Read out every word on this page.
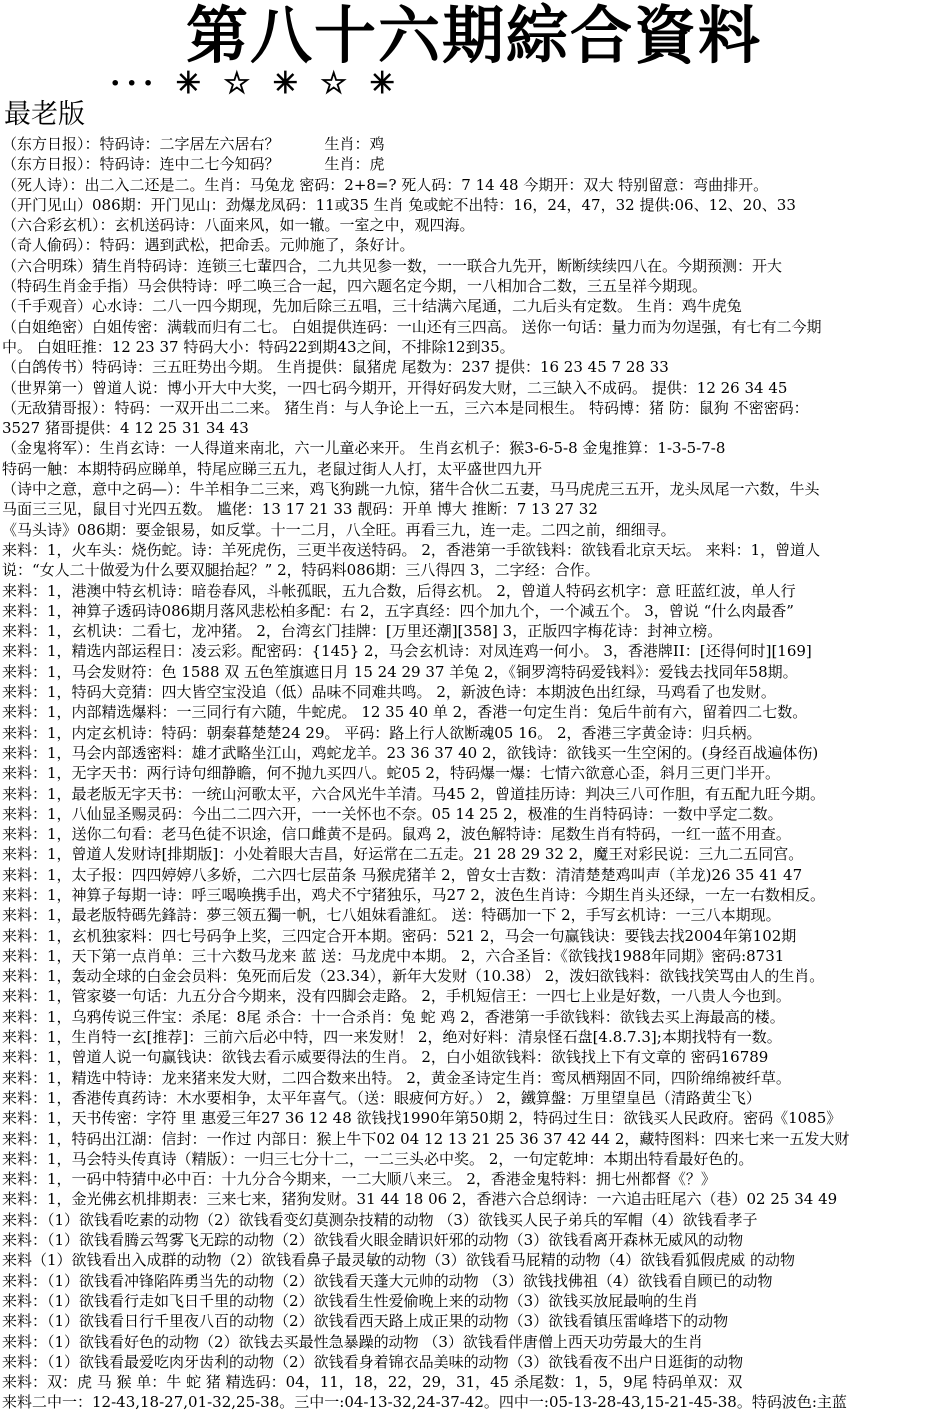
第八十六期綜合資料
··· ✳ ☆ ✳ ☆ ✳
最老版
（东方日报）：特码诗：二字居左六居右？　　　生肖：鸡
（东方日报）：特码诗：连中二七今知码？　　　生肖：虎
（死人诗）：出二入二还是二。生肖：马兔龙 密码：2+8=? 死人码：7 14 48 今期开：双大 特别留意：弯曲排开。
（开门见山）086期：开门见山：劲爆龙凤码：11或35 生肖 兔或蛇不出特：16，24，47，32 提供:06、12、20、33
（六合彩玄机）：玄机送码诗：八面来风，如一辙。一室之中，观四海。
（奇人偷码）：特码：遇到武松，把命丢。元帅施了，条好计。
（六合明珠）猜生肖特码诗：连锁三七輩四合，二九共见参一数，一一联合九先开，断断续续四八在。今期预测：开大
（特码生肖金手指）马会供特诗：呼二唤三合一起，四六题名定今期，一八相加合二数，三五呈祥今期现。
（千手观音）心水诗：二八一四今期现，先加后除三五唱，三十结满六尾通，二九后头有定数。 生肖：鸡牛虎兔
（白姐绝密）白姐传密：满载而归有二七。 白姐提供连码：一山还有三四高。 送你一句话：量力而为勿逞强，有七有二今期
中。 白姐旺推：12 23 37 特码大小：特码22到期43之间，不排除12到35。
（白鸽传书）特码诗：三五旺势出今期。 生肖提供：鼠猪虎 尾数为：237 提供：16 23 45 7 28 33
（世界第一）曾道人说：博小开大中大奖，一四七码今期开，开得好码发大财，二三缺入不成码。 提供：12 26 34 45
（无敌猜哥报）：特码：一双开出二二来。 猪生肖：与人争论上一五，三六本是同根生。 特码博：猪 防：鼠狗 不密密码：
3527 猪哥提供：4 12 25 31 34 43
（金鬼将军）：生肖玄诗：一人得道来南北，六一儿童必来开。 生肖玄机子：猴3-6-5-8 金鬼推算：1-3-5-7-8
特码一触：本期特码应睇单，特尾应睇三五九，老鼠过街人人打，太平盛世四九开
（诗中之意，意中之码—）：牛羊相争二三来，鸡飞狗跳一九惊，猪牛合伙二五妻，马马虎虎三五开，龙头凤尾一六数，牛头
马面三三见，鼠目寸光四五数。 尴佬：13 17 21 33 靓码：开单 博大 推断：7 13 27 32
《马头诗》086期：要金银易，如反掌。十一二月，八全旺。再看三九，连一走。二四之前，细细寻。
来料：1，火车头：烧伤蛇。诗：羊死虎伤，三更半夜送特码。 2，香港第一手欲钱料：欲钱看北京天坛。 来料：1，曾道人
说：“女人二十做爱为什么要双腿抬起？” 2，特码料086期：三八得四 3，二字经：合作。
来料：1，港澳中特玄机诗：暗卷春风，斗帐孤眠，五九合数，后得玄机。 2，曾道人特码玄机字：意 旺蓝红波，单人行
来料：1，神算子透码诗086期月落风悲松柏多配：右 2，五字真经：四个加九个，一个减五个。 3，曾说 “什么肉最香”
来料：1，玄机诀：二看七，龙冲猪。 2，台湾玄门挂牌：[万里还潮][358] 3，正版四字梅花诗：封神立榜。
来料：1，精选内部运程日：凌云彩。配密码：{145} 2，马会玄机诗：对凤连鸡一何小。 3，香港牌II：[还得何时][169]
来料：1，马会发财符：色 1588 双 五色笙旗遮日月 15 24 29 37 羊兔 2，《铜罗湾特码爱钱料》：爱钱去找同年58期。
来料：1，特码大竞猜：四大皆空宝没追（低）品味不同难共鸣。 2，新波色诗：本期波色出红绿，马鸡看了也发财。
来料：1，内部精选爆料：一三同行有六随，牛蛇虎。 12 35 40 单 2，香港一句定生肖：兔后牛前有六，留着四二七数。
来料：1，内定玄机诗：特码：朝秦暮楚楚24 29。 平码：路上行人欲断魂05 16。 2，香港三字黄金诗：归兵柄。
来料：1，马会内部透密料：雄才武略坐江山，鸡蛇龙羊。23 36 37 40 2，欲钱诗：欲钱买一生空闲的。(身经百战遍体伤)
来料：1，无字天书：两行诗句细静瞻，何不抛九买四八。蛇05 2，特码爆一爆：七情六欲意心歪，斜月三更门半开。
来料：1，最老版无字天书：一统山河歌太平，六合风光牛羊清。马45 2，曾道挂历诗：判决三八可作胆，有五配九旺今期。
来料：1，八仙显圣赐灵码：今出二二四六开，一一关怀也不奈。05 14 25 2，极准的生肖特码诗：一数中孚定二数。
来料：1，送你二句看：老马色徒不识途，信口雌黄不是码。鼠鸡 2，波色解特诗：尾数生肖有特码，一红一蓝不用查。
来料：1，曾道人发财诗[排期版]：小处着眼大吉昌，好运常在二五走。21 28 29 32 2，魔王对彩民说：三九二五同宫。
来料：1，太子报：四四婷婷八多娇，二六四七层苗条 马猴虎猪羊 2，曾女士吉数：清清楚楚鸡叫声（羊龙)26 35 41 47
来料：1，神算子每期一诗：呼三喝唤携手出，鸡犬不宁猪独乐，马27 2，波色生肖诗：今期生肖头还绿，一左一右数相反。
来料：1，最老版特碼先鋒詩：夢三领五獨一帆，七八姐妹看誰紅。 送：特碼加一下 2，手写玄机诗：一三八本期现。
来料：1，玄机独家料：四七号码争上奖，三四定合开本期。密码：521 2，马会一句赢钱诀：要钱去找2004年第102期
来料：1，天下第一点肖单：三十六数马龙来 蓝 送：马龙虎中本期。 2，六合圣旨：《欲钱找1988年同期》密码:8731
来料：1，轰动全球的白金会员料：兔死而后发（23.34），新年大发财（10.38） 2，泼妇欲钱料：欲钱找笑骂由人的生肖。
来料：1，管家婆一句话：九五分合今期来，没有四脚会走路。 2，手机短信王：一四七上业是好数，一八贵人今也到。
来料：1，乌鸦传说三件宝：杀尾：8尾 杀合：十一合杀肖：兔 蛇 鸡 2，香港第一手欲钱料：欲钱去买上海最高的楼。
来料：1，生肖特一玄[推荐]：三前六后必中特，四一来发财！ 2，绝对好料：清泉怪石盘[4.8.7.3];本期找特有一数。
来料：1，曾道人说一句赢钱诀：欲钱去看示威要得法的生肖。 2，白小姐欲钱料：欲钱找上下有文章的 密码16789
来料：1，精选中特诗：龙来猪来发大财，二四合数来出特。 2，黄金圣诗定生肖：鸾凤栖翔固不同，四阶绵绵被纤草。
来料：1，香港传真药诗：木水要相争，太平年喜气。（送：眼疲何方好。） 2，鐵算盤：万里望皇邑（清路黄尘飞）
来料：1，天书传密：字符 里 惠爱三年27 36 12 48 欲钱找1990年第50期 2，特码过生日：欲钱买人民政府。密码《1085》
来料：1，特码出江湖：信封：一作过 内部日：猴上牛下02 04 12 13 21 25 36 37 42 44 2，藏特图料：四来七来一五发大财
来料：1，马会特头传真诗（精版）：一归三七分十二，一二三头必中奖。 2，一句定乾坤：本期出特看最好色的。
来料：1，一码中特猜中必中百：十九分合今期来，一二大顺八来三。 2，香港金鬼特料：拥七州都督《？》
来料：1，金光佛玄机排期表：三来七来，猪狗发财。31 44 18 06 2，香港六合总纲诗：一六追击旺尾六（巷）02 25 34 49
来料：（1）欲钱看吃素的动物（2）欲钱看变幻莫测杂技精的动物 （3）欲钱买人民子弟兵的军帽（4）欲钱看孝子
来料：（1）欲钱看腾云驾雾飞无踪的动物（2）欲钱看火眼金睛识奸邪的动物（3）欲钱看离开森林无威风的动物
来料（1）欲钱看出入成群的动物（2）欲钱看鼻子最灵敏的动物（3）欲钱看马屁精的动物（4）欲钱看狐假虎威 的动物
来料：（1）欲钱看冲锋陷阵勇当先的动物（2）欲钱看天蓬大元帅的动物 （3）欲钱找佛祖（4）欲钱看自顾已的动物
来料：（1）欲钱看行走如飞日千里的动物（2）欲钱看生性爱偷晚上来的动物（3）欲钱买放屁最响的生肖
来料：（1）欲钱看日行千里夜八百的动物（2）欲钱看西天路上成正果的动物（3）欲钱看镇压雷峰塔下的动物
来料：（1）欲钱看好色的动物（2）欲钱去买最性急暴躁的动物 （3）欲钱看伴唐僧上西天功劳最大的生肖
来料：（1）欲钱看最爱吃肉牙齿利的动物（2）欲钱看身着锦衣品美味的动物（3）欲钱看夜不出户日逛街的动物
来料：双：虎 马 猴 单：牛 蛇 猪 精选码：04，11，18，22，29，31，45 杀尾数：1，5，9尾 特码单双：双
来料二中一：12-43,18-27,01-32,25-38。三中一:04-13-32,24-37-42。四中一:05-13-28-43,15-21-45-38。特码波色:主蓝
